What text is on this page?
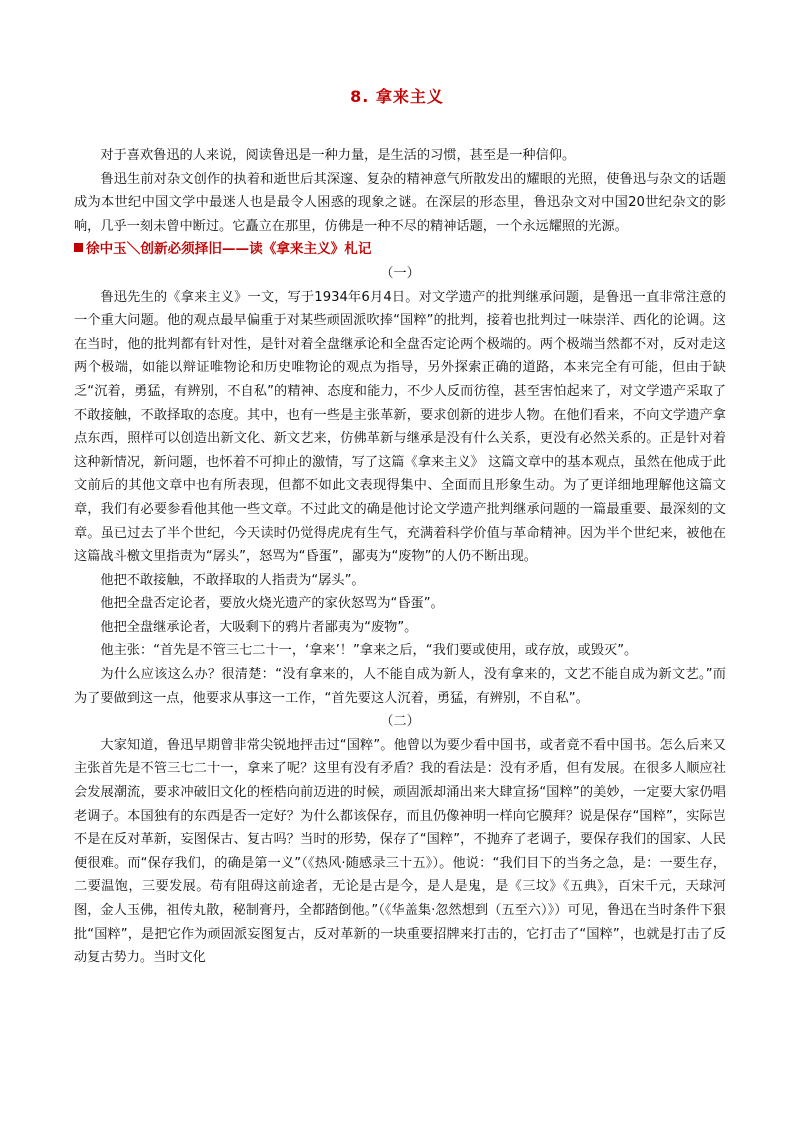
8. 拿来主义

对于喜欢鲁迅的人来说，阅读鲁迅是一种力量，是生活的习惯，甚至是一种信仰。

鲁迅生前对杂文创作的执着和逝世后其深邃、复杂的精神意气所散发出的耀眼的光照，使鲁迅与杂文的话题成为本世纪中国文学中最迷人也是最令人困惑的现象之谜。在深层的形态里，鲁迅杂文对中国20世纪杂文的影响，几乎一刻未曾中断过。它矗立在那里，仿佛是一种不尽的精神话题，一个永远耀照的光源。

徐中玉＼创新必须择旧——读《拿来主义》札记

（一）

鲁迅先生的《拿来主义》一文，写于1934年6月4日。对文学遗产的批判继承问题，是鲁迅一直非常注意的一个重大问题。他的观点最早偏重于对某些顽固派吹捧“国粹”的批判，接着也批判过一味崇洋、西化的论调。这在当时，他的批判都有针对性，是针对着全盘继承论和全盘否定论两个极端的。两个极端当然都不对，反对走这两个极端，如能以辩证唯物论和历史唯物论的观点为指导，另外探索正确的道路，本来完全有可能，但由于缺乏“沉着，勇猛，有辨别，不自私”的精神、态度和能力，不少人反而彷徨，甚至害怕起来了，对文学遗产采取了不敢接触，不敢择取的态度。其中，也有一些是主张革新，要求创新的进步人物。在他们看来，不向文学遗产拿点东西，照样可以创造出新文化、新文艺来，仿佛革新与继承是没有什么关系，更没有必然关系的。正是针对着这种新情况，新问题，也怀着不可抑止的激情，写了这篇《拿来主义》 这篇文章中的基本观点，虽然在他成于此文前后的其他文章中也有所表现，但都不如此文表现得集中、全面而且形象生动。为了更详细地理解他这篇文章，我们有必要参看他其他一些文章。不过此文的确是他讨论文学遗产批判继承问题的一篇最重要、最深刻的文章。虽已过去了半个世纪，今天读时仍觉得虎虎有生气，充满着科学价值与革命精神。因为半个世纪来，被他在这篇战斗檄文里指责为“孱头”，怒骂为“昏蛋”，鄙夷为“废物”的人仍不断出现。

他把不敢接触，不敢择取的人指责为“孱头”。

他把全盘否定论者，要放火烧光遗产的家伙怒骂为“昏蛋”。

他把全盘继承论者，大吸剩下的鸦片者鄙夷为“废物”。

他主张：“首先是不管三七二十一，‘拿来’！”拿来之后，“我们要或使用，或存放，或毁灭”。

为什么应该这么办？很清楚：“没有拿来的，人不能自成为新人，没有拿来的，文艺不能自成为新文艺。”而为了要做到这一点，他要求从事这一工作，“首先要这人沉着，勇猛，有辨别，不自私”。

（二）

大家知道，鲁迅早期曾非常尖锐地抨击过“国粹”。他曾以为要少看中国书，或者竟不看中国书。怎么后来又主张首先是不管三七二十一，拿来了呢？这里有没有矛盾？我的看法是：没有矛盾，但有发展。在很多人顺应社会发展潮流，要求冲破旧文化的桎梏向前迈进的时候，顽固派却涌出来大肆宣扬“国粹”的美妙，一定要大家仍唱老调子。本国独有的东西是否一定好？为什么都该保存，而且仍像神明一样向它膜拜？说是保存“国粹”，实际岂不是在反对革新，妄图保古、复古吗？当时的形势，保存了“国粹”，不抛弃了老调子，要保存我们的国家、人民便很难。而“保存我们，的确是第一义”（《热风·随感录三十五》）。他说：“我们目下的当务之急，是：一要生存，二要温饱，三要发展。苟有阻碍这前途者，无论是古是今，是人是鬼，是《三坟》《五典》，百宋千元，天球河图，金人玉佛，祖传丸散，秘制膏丹，全都踏倒他。”（《华盖集·忽然想到（五至六）》）可见，鲁迅在当时条件下狠批“国粹”，是把它作为顽固派妄图复古，反对革新的一块重要招牌来打击的，它打击了“国粹”，也就是打击了反动复古势力。当时文化
